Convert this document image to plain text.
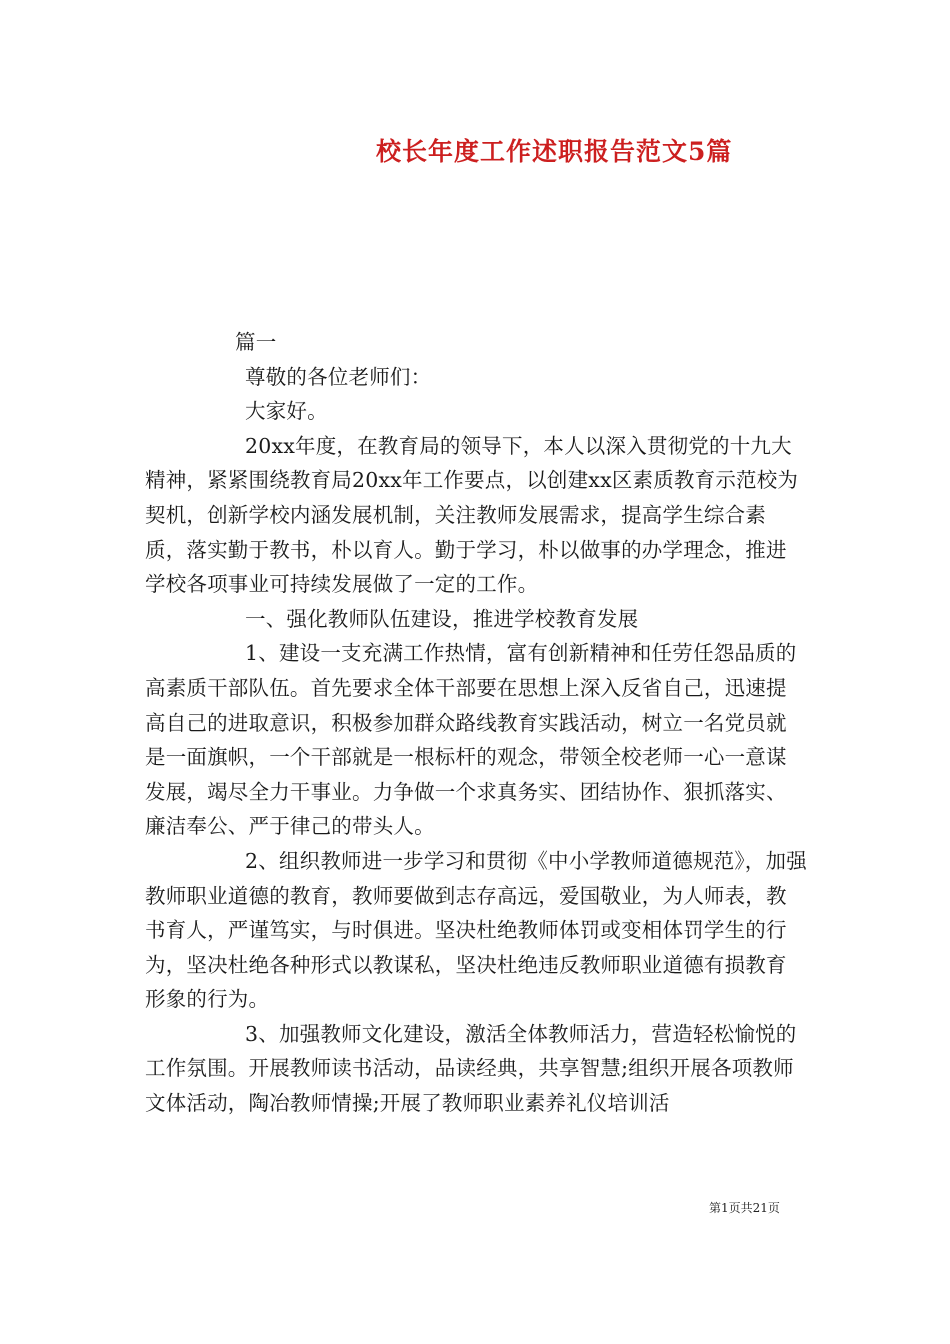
校长年度工作述职报告范文5篇

篇一

尊敬的各位老师们：

大家好。

20xx年度，在教育局的领导下，本人以深入贯彻党的十九大精神，紧紧围绕教育局20xx年工作要点，以创建xx区素质教育示范校为契机，创新学校内涵发展机制，关注教师发展需求，提高学生综合素质，落实勤于教书，朴以育人。勤于学习，朴以做事的办学理念，推进学校各项事业可持续发展做了一定的工作。

一、强化教师队伍建设，推进学校教育发展

1、建设一支充满工作热情，富有创新精神和任劳任怨品质的高素质干部队伍。首先要求全体干部要在思想上深入反省自己，迅速提高自己的进取意识，积极参加群众路线教育实践活动，树立一名党员就是一面旗帜，一个干部就是一根标杆的观念，带领全校老师一心一意谋发展，竭尽全力干事业。力争做一个求真务实、团结协作、狠抓落实、廉洁奉公、严于律己的带头人。

2、组织教师进一步学习和贯彻《中小学教师道德规范》，加强教师职业道德的教育，教师要做到志存高远，爱国敬业，为人师表，教书育人，严谨笃实，与时俱进。坚决杜绝教师体罚或变相体罚学生的行为，坚决杜绝各种形式以教谋私，坚决杜绝违反教师职业道德有损教育形象的行为。

3、加强教师文化建设，激活全体教师活力，营造轻松愉悦的工作氛围。开展教师读书活动，品读经典，共享智慧;组织开展各项教师文体活动，陶冶教师情操;开展了教师职业素养礼仪培训活

第1页共21页
